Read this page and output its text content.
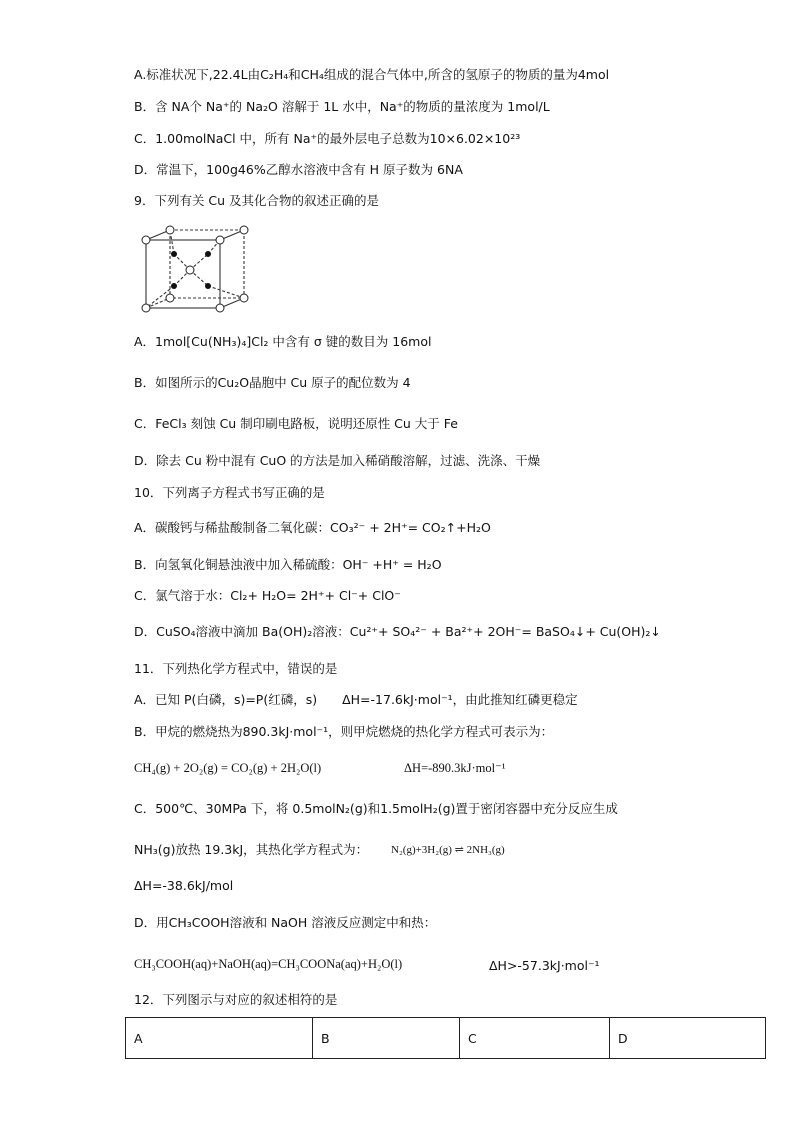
A.标准状况下,22.4L由C₂H₄和CH₄组成的混合气体中,所含的氢原子的物质的量为4mol
B．含 NA个 Na⁺的 Na₂O 溶解于 1L 水中，Na⁺的物质的量浓度为 1mol/L
C．1.00molNaCl 中，所有 Na⁺的最外层电子总数为10×6.02×10²³
D．常温下，100g46%乙醇水溶液中含有 H 原子数为 6NA
9．下列有关 Cu 及其化合物的叙述正确的是
A．1mol[Cu(NH₃)₄]Cl₂ 中含有 σ 键的数目为 16mol
B．如图所示的Cu₂O晶胞中 Cu 原子的配位数为 4
C．FeCl₃ 刻蚀 Cu 制印刷电路板，说明还原性 Cu 大于 Fe
D．除去 Cu 粉中混有 CuO 的方法是加入稀硝酸溶解，过滤、洗涤、干燥
10．下列离子方程式书写正确的是
A．碳酸钙与稀盐酸制备二氧化碳：CO₃²⁻ + 2H⁺= CO₂↑+H₂O
B．向氢氧化铜悬浊液中加入稀硫酸：OH⁻ +H⁺ = H₂O
C．氯气溶于水：Cl₂+ H₂O= 2H⁺+ Cl⁻+ ClO⁻
D．CuSO₄溶液中滴加 Ba(OH)₂溶液：Cu²⁺+ SO₄²⁻ + Ba²⁺+ 2OH⁻= BaSO₄↓+ Cu(OH)₂↓
11．下列热化学方程式中，错误的是
A．已知 P(白磷，s)=P(红磷，s)　　ΔH=-17.6kJ·mol⁻¹，由此推知红磷更稳定
B．甲烷的燃烧热为890.3kJ·mol⁻¹，则甲烷燃烧的热化学方程式可表示为：
CH₄(g) + 2O₂(g) = CO₂(g) + 2H₂O(l)	ΔH=-890.3kJ·mol⁻¹
C．500℃、30MPa 下，将 0.5molN₂(g)和1.5molH₂(g)置于密闭容器中充分反应生成
NH₃(g)放热 19.3kJ，其热化学方程式为： N₂(g)+3H₂(g) ⇌ 2NH₃(g)
ΔH=-38.6kJ/mol
D．用CH₃COOH溶液和 NaOH 溶液反应测定中和热：
CH₃COOH(aq)+NaOH(aq)=CH₃COONa(aq)+H₂O(l)	ΔH>-57.3kJ·mol⁻¹
12．下列图示与对应的叙述相符的是
A	B	C	D
